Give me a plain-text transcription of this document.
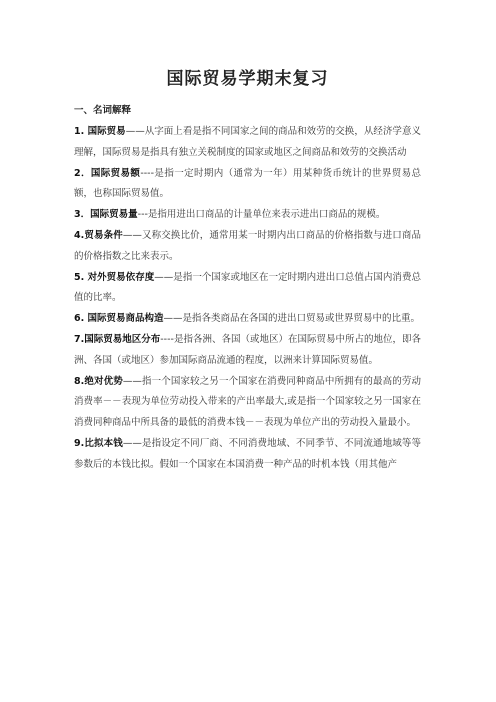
国际贸易学期末复习
一、名词解释

1. 国际贸易——从字面上看是指不同国家之间的商品和效劳的交换，从经济学意义理解，国际贸易是指具有独立关税制度的国家或地区之间商品和效劳的交换活动

2．国际贸易额----是指一定时期内（通常为一年）用某种货币统计的世界贸易总额，也称国际贸易值。

3．国际贸易量---是指用进出口商品的计量单位来表示进出口商品的规模。

4.贸易条件——又称交换比价，通常用某一时期内出口商品的价格指数与进口商品的价格指数之比来表示。

5. 对外贸易依存度——是指一个国家或地区在一定时期内进出口总值占国内消费总值的比率。

6. 国际贸易商品构造——是指各类商品在各国的进出口贸易或世界贸易中的比重。

7.国际贸易地区分布----是指各洲、各国（或地区）在国际贸易中所占的地位，即各洲、各国（或地区）参加国际商品流通的程度，以洲来计算国际贸易值。

8.绝对优势——指一个国家较之另一个国家在消费同种商品中所拥有的最高的劳动消费率－－表现为单位劳动投入带来的产出率最大,或是指一个国家较之另一国家在消费同种商品中所具备的最低的消费本钱－－表现为单位产出的劳动投入量最小。

9.比拟本钱——是指设定不同厂商、不同消费地域、不同季节、不同流通地域等等参数后的本钱比拟。假如一个国家在本国消费一种产品的时机本钱（用其他产
